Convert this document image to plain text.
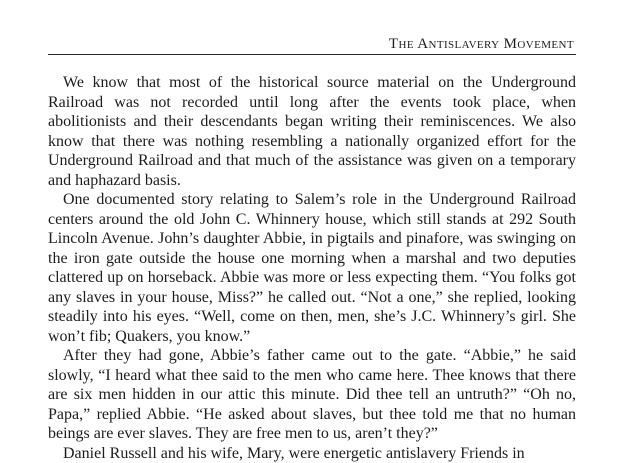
The Antislavery Movement

We know that most of the historical source material on the Underground Railroad was not recorded until long after the events took place, when abolitionists and their descendants began writing their reminiscences. We also know that there was nothing resembling a nationally organized effort for the Underground Railroad and that much of the assistance was given on a temporary and haphazard basis.

One documented story relating to Salem’s role in the Underground Railroad centers around the old John C. Whinnery house, which still stands at 292 South Lincoln Avenue. John’s daughter Abbie, in pigtails and pinafore, was swinging on the iron gate outside the house one morning when a marshal and two deputies clattered up on horseback. Abbie was more or less expecting them. “You folks got any slaves in your house, Miss?” he called out. “Not a one,” she replied, looking steadily into his eyes. “Well, come on then, men, she’s J.C. Whinnery’s girl. She won’t fib; Quakers, you know.”

After they had gone, Abbie’s father came out to the gate. “Abbie,” he said slowly, “I heard what thee said to the men who came here. Thee knows that there are six men hidden in our attic this minute. Did thee tell an untruth?” “Oh no, Papa,” replied Abbie. “He asked about slaves, but thee told me that no human beings are ever slaves. They are free men to us, aren’t they?”

Daniel Russell and his wife, Mary, were energetic antislavery Friends in
